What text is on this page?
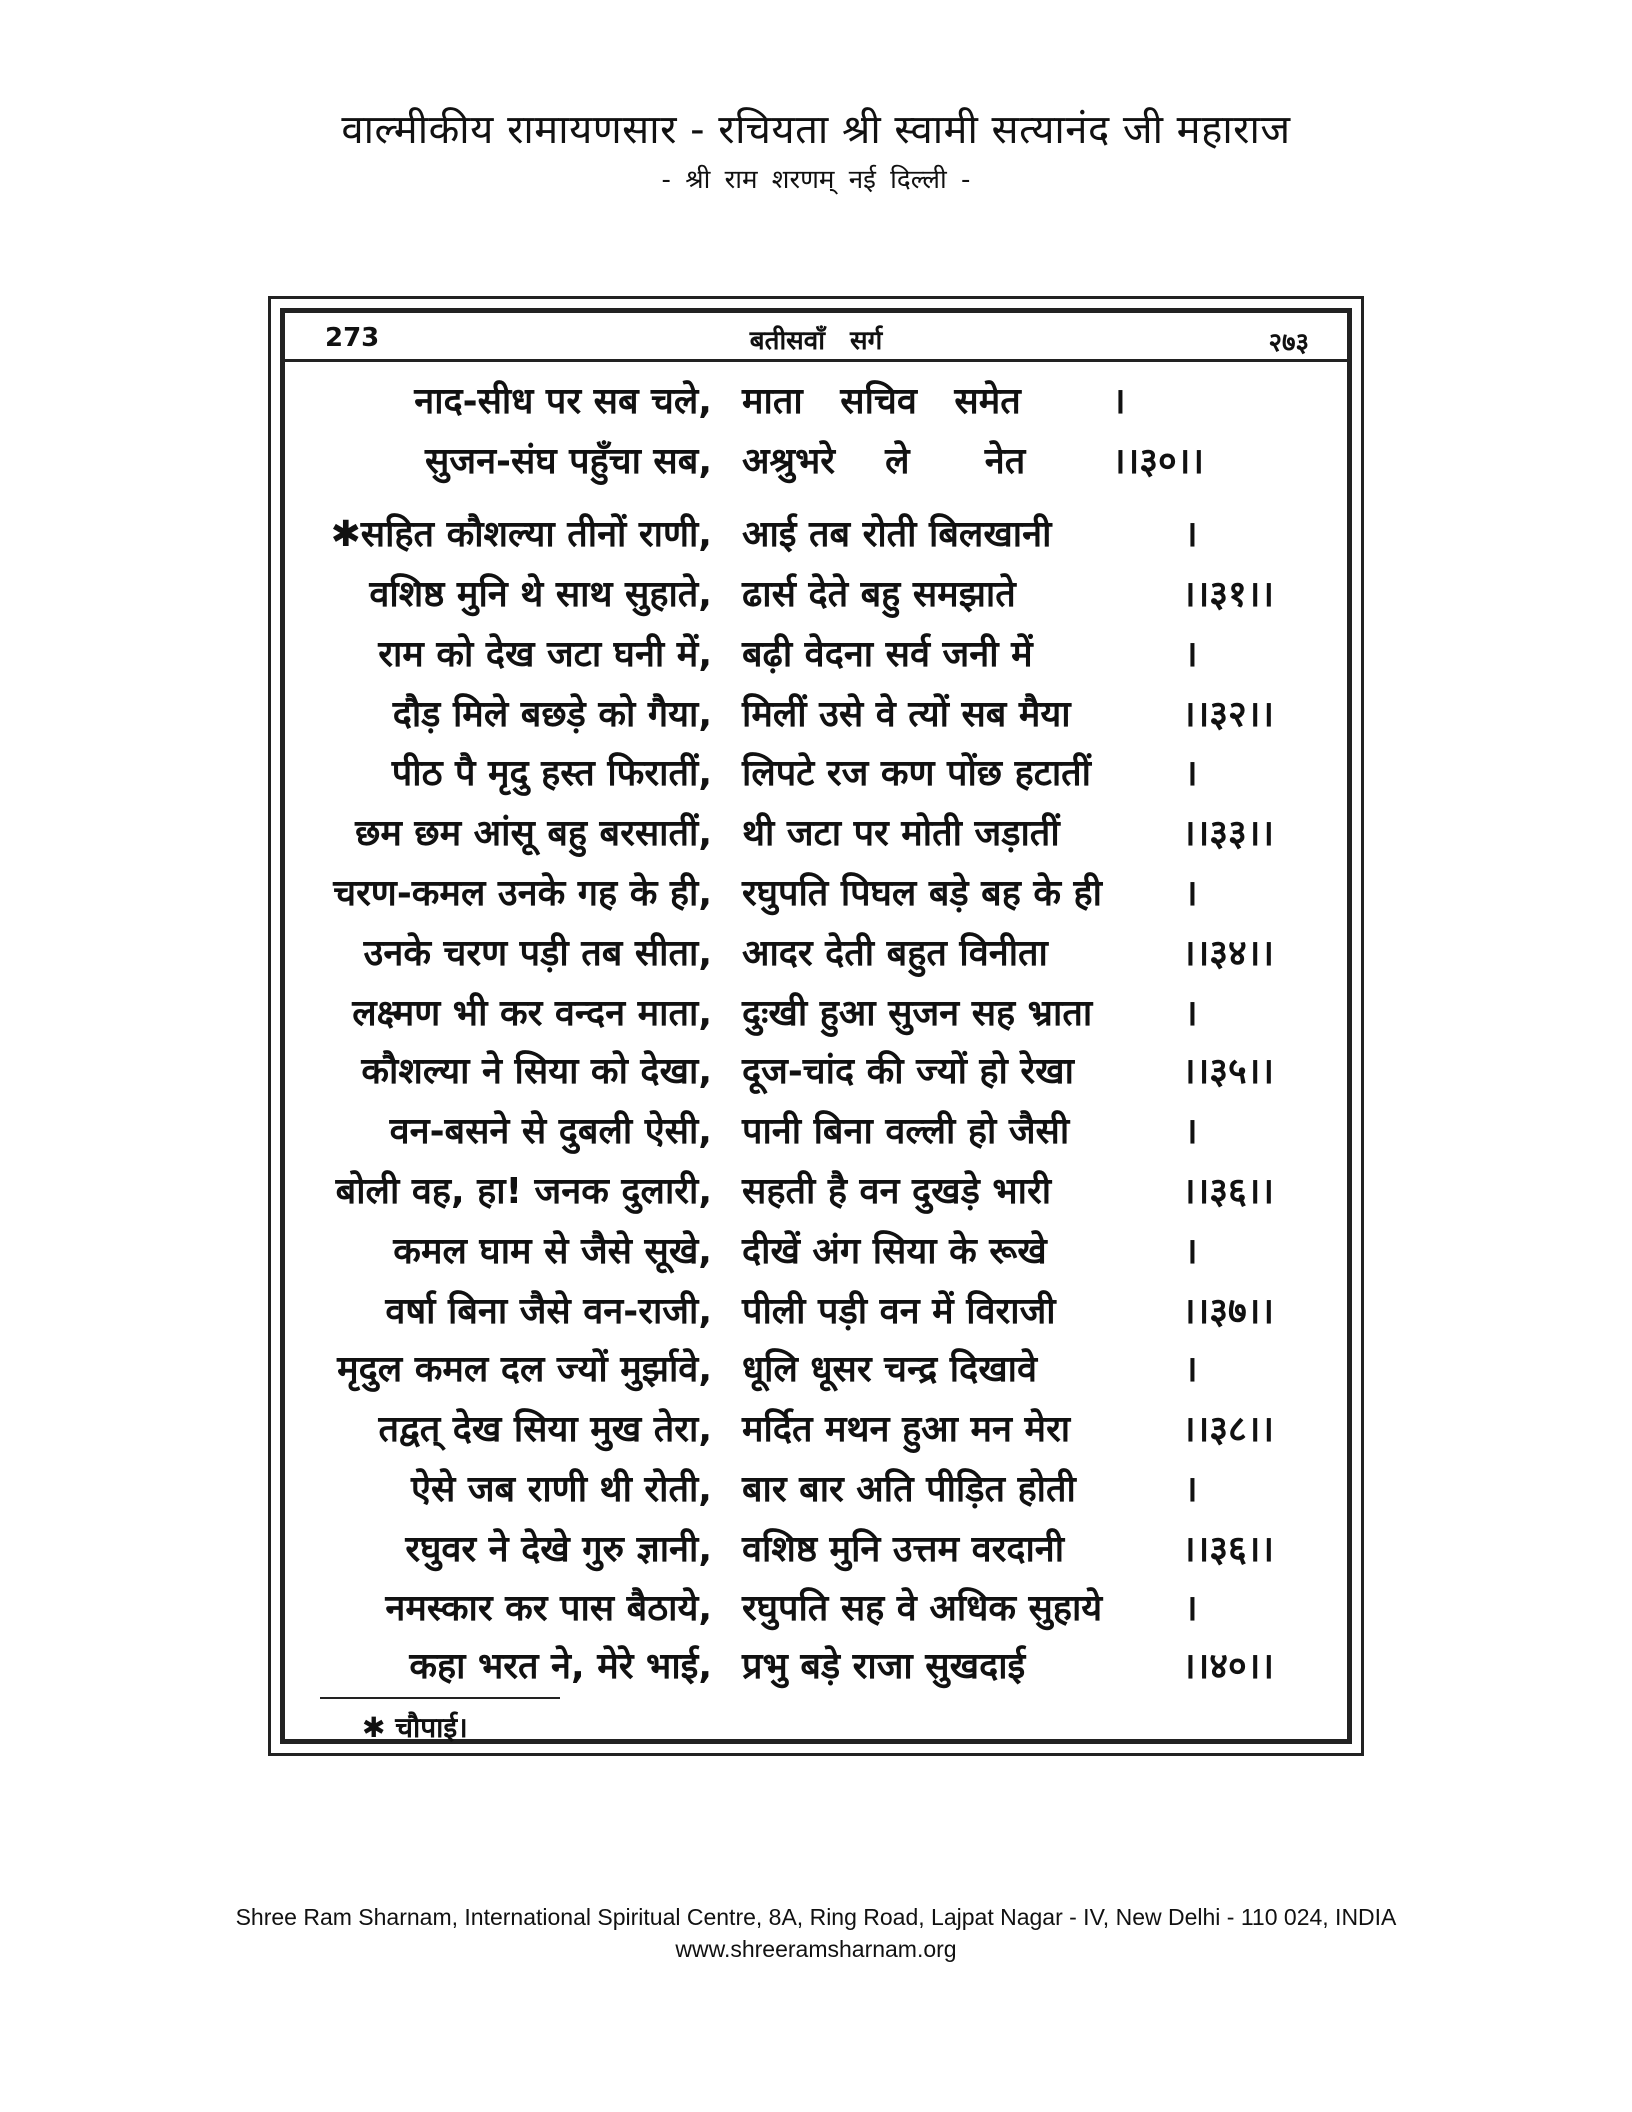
वाल्मीकीय रामायणसार - रचियता श्री स्वामी सत्यानंद जी महाराज
- श्री राम शरणम् नई दिल्ली -
273	बतीसवाँ सर्ग	२७३
नाद-सीध पर सब चले, माता   सचिव   समेत	।
सुजन-संघ पहुँचा सब, अश्रुभरे    ले      नेत ।।३०।।
✱सहित कौशल्या तीनों राणी, आई तब रोती बिलखानी	।
वशिष्ठ मुनि थे साथ सुहाते, ढार्स देते बहु समझाते	।।३१।।
राम को देख जटा घनी में, बढ़ी वेदना सर्व जनी में	।
दौड़ मिले बछड़े को गैया, मिलीं उसे वे त्यों सब मैया	।।३२।।
पीठ पै मृदु हस्त फिरातीं, लिपटे रज कण पोंछ हटातीं	।
छम छम आंसू बहु बरसातीं, थी जटा पर मोती जड़ातीं	।।३३।।
चरण-कमल उनके गह के ही, रघुपति पिघल बड़े बह के ही ।
उनके चरण पड़ी तब सीता, आदर देती बहुत विनीता	।।३४।।
लक्ष्मण भी कर वन्दन माता, दुःखी हुआ सुजन सह भ्राता	।
कौशल्या ने सिया को देखा, दूज-चांद की ज्यों हो रेखा	।।३५।।
वन-बसने से दुबली ऐसी, पानी बिना वल्ली हो जैसी	।
बोली वह, हा! जनक दुलारी, सहती है वन दुखड़े भारी	।।३६।।
कमल घाम से जैसे सूखे, दीखें अंग सिया के रूखे	।
वर्षा बिना जैसे वन-राजी, पीली पड़ी वन में विराजी	।।३७।।
मृदुल कमल दल ज्यों मुर्झावे, धूलि धूसर चन्द्र दिखावे	।
तद्वत् देख सिया मुख तेरा, मर्दित मथन हुआ मन मेरा	।।३८।।
ऐसे जब राणी थी रोती, बार बार अति पीड़ित होती	।
रघुवर ने देखे गुरु ज्ञानी, वशिष्ठ मुनि उत्तम वरदानी	।।३६।।
नमस्कार कर पास बैठाये, रघुपति सह वे अधिक सुहाये ।
कहा भरत ने, मेरे भाई, प्रभु बड़े राजा सुखदाई	।।४०।।
✱ चौपाई।
Shree Ram Sharnam, International Spiritual Centre, 8A, Ring Road, Lajpat Nagar - IV, New Delhi - 110 024, INDIA
www.shreeramsharnam.org
